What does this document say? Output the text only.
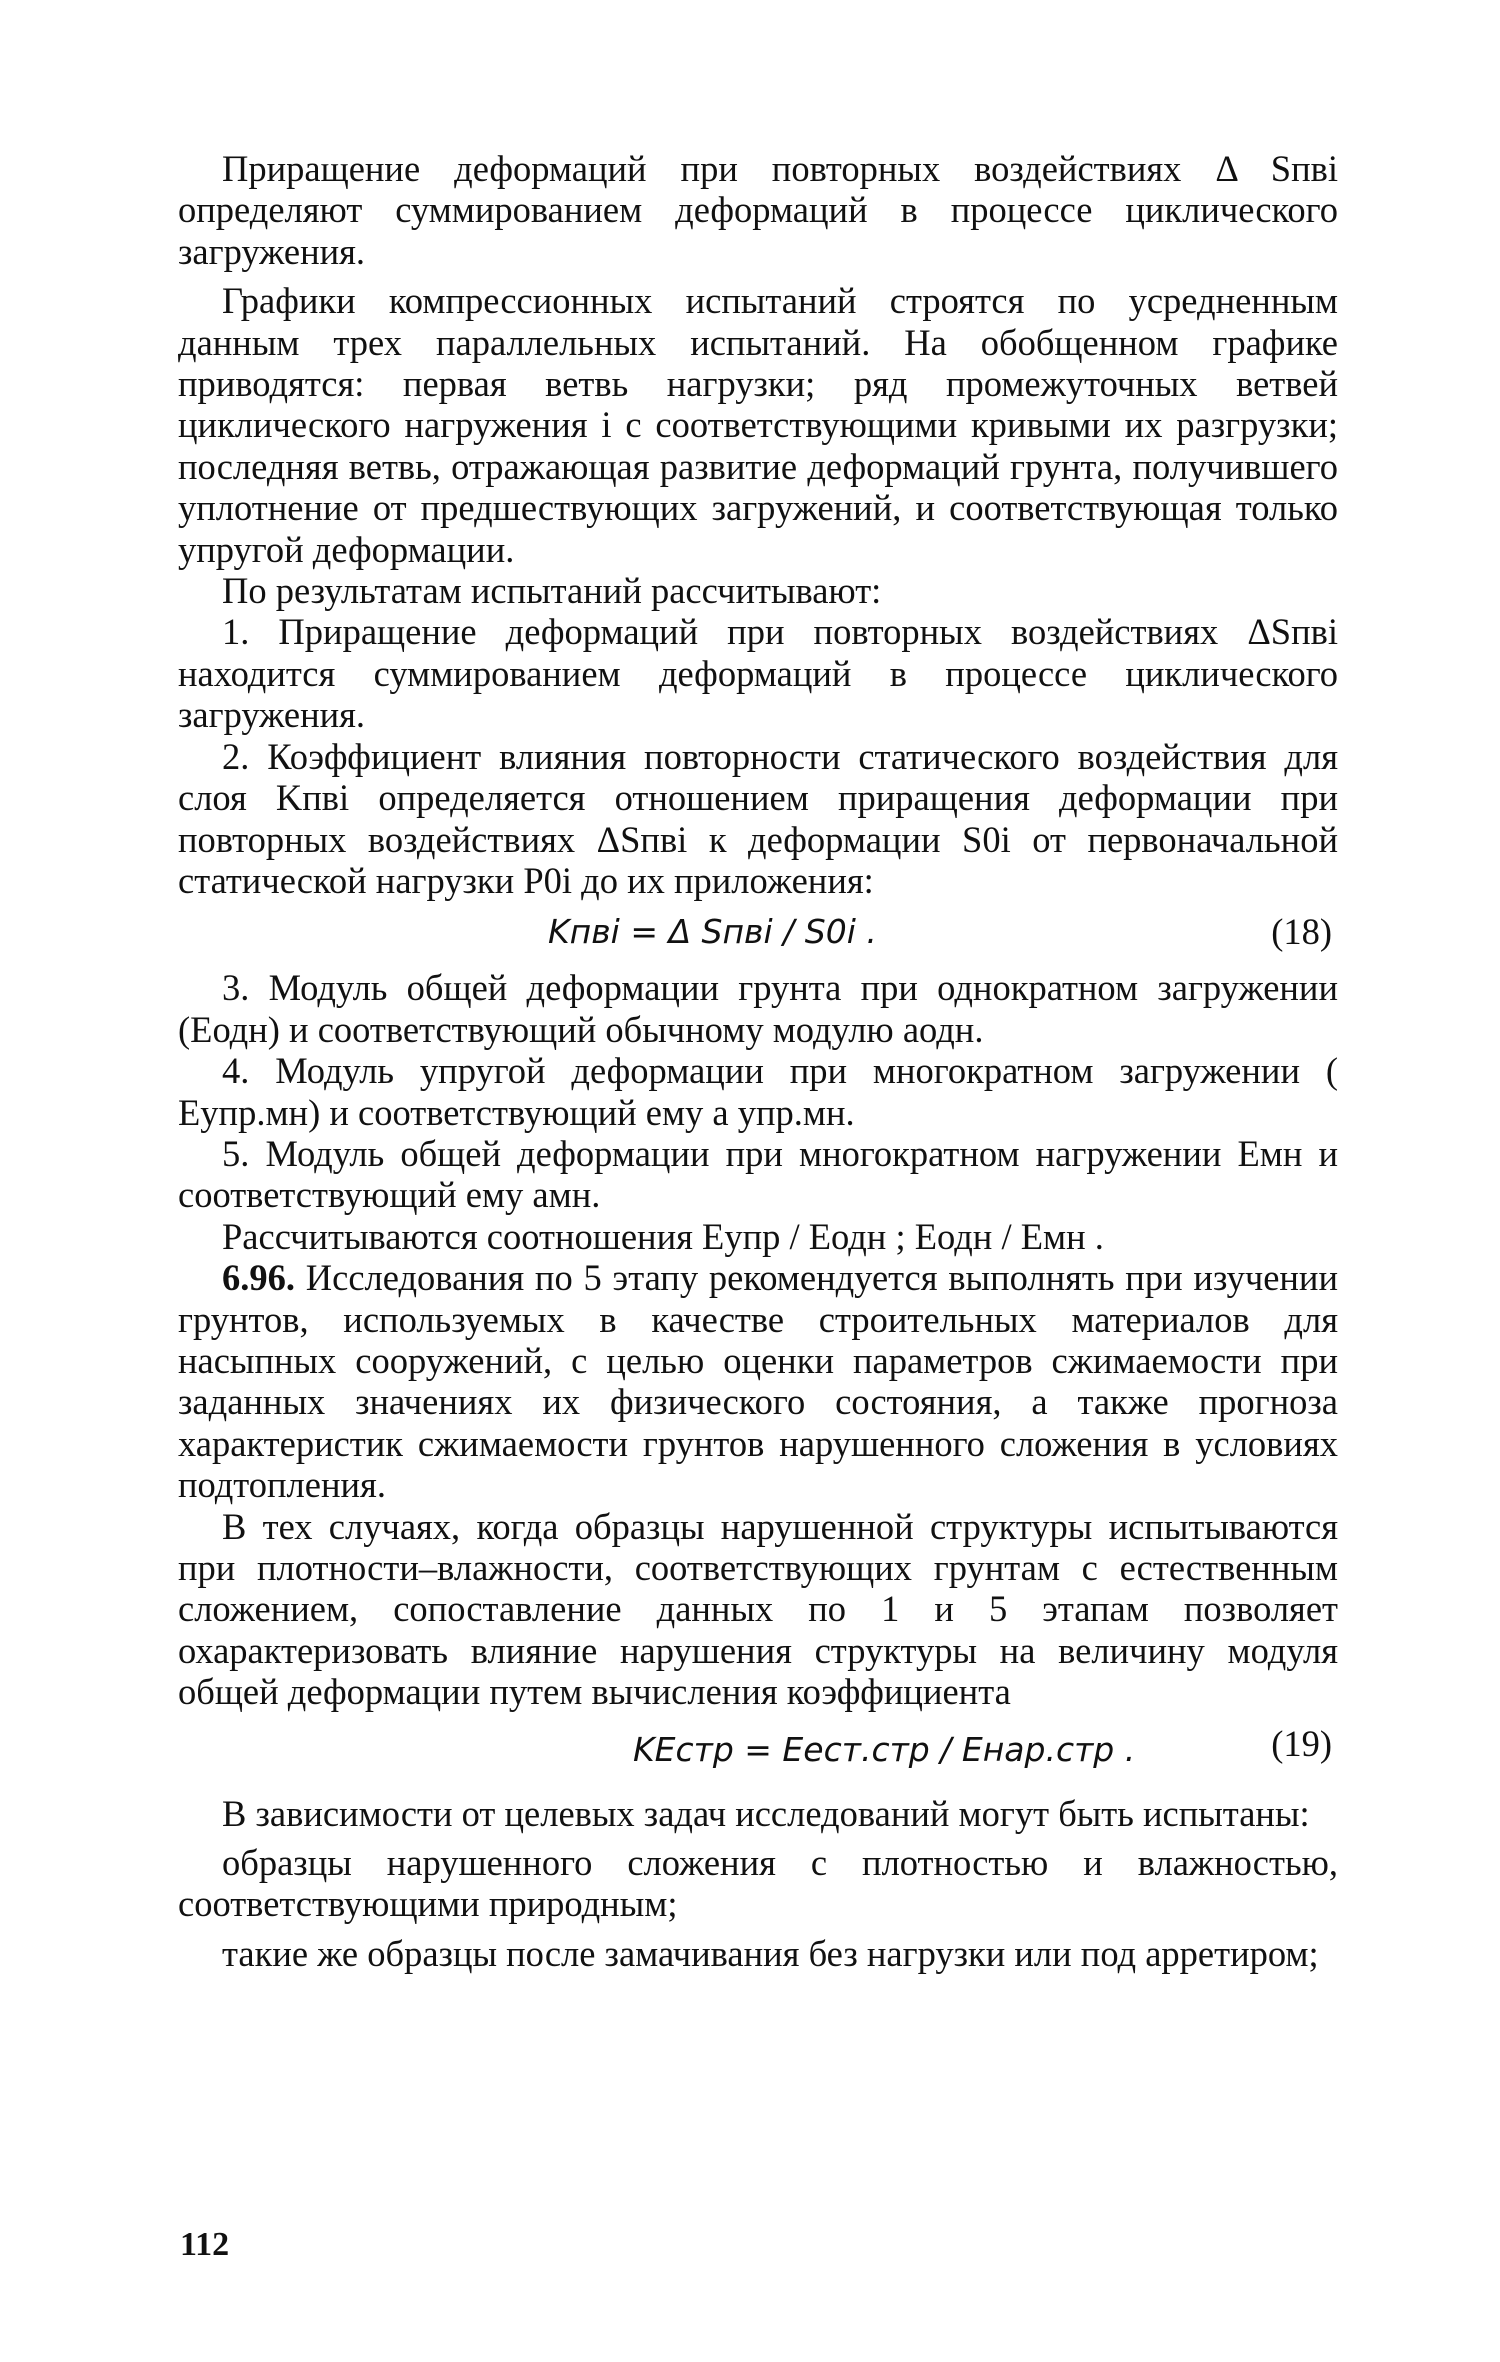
Приращение деформаций при повторных воздействиях Δ Sпвi определяют суммированием деформаций в процессе циклического загружения.

Графики компрессионных испытаний строятся по усредненным данным трех параллельных испытаний. На обобщенном графике приводятся: первая ветвь нагрузки; ряд промежуточных ветвей циклического нагружения i с соответствующими кривыми их разгрузки; последняя ветвь, отражающая развитие деформаций грунта, получившего уплотнение от предшествующих загружений, и соответствующая только упругой деформации.

По результатам испытаний рассчитывают:

1. Приращение деформаций при повторных воздействиях ΔSпвi находится суммированием деформаций в процессе циклического загружения.

2. Коэффициент влияния повторности статического воздействия для слоя Kпвi определяется отношением приращения деформации при повторных воздействиях ΔSпвi к деформации S0i от первоначальной статической нагрузки P0i до их приложения:

Kпвi = Δ Sпвi / S0i .	(18)

3. Модуль общей деформации грунта при однократном загружении (Eодн) и соответствующий обычному модулю aодн.

4. Модуль упругой деформации при многократном загружении ( Eупр.мн) и соответствующий ему a упр.мн.

5. Модуль общей деформации при многократном нагружении Eмн и соответствующий ему aмн.

Рассчитываются соотношения Eупр / Eодн ; Eодн / Eмн .

6.96. Исследования по 5 этапу рекомендуется выполнять при изучении грунтов, используемых в качестве строительных материалов для насыпных сооружений, с целью оценки параметров сжимаемости при заданных значениях их физического состояния, а также прогноза характеристик сжимаемости грунтов нарушенного сложения в условиях подтопления.

В тех случаях, когда образцы нарушенной структуры испытываются при плотности–влажности, соответствующих грунтам с естественным сложением, сопоставление данных по 1 и 5 этапам позволяет охарактеризовать влияние нарушения структуры на величину модуля общей деформации путем вычисления коэффициента

KEстр = Eест.стр / Eнар.стр .	(19)

В зависимости от целевых задач исследований могут быть испытаны:

образцы нарушенного сложения с плотностью и влажностью, соответствующими природным;

такие же образцы после замачивания без нагрузки или под арретиром;

112
